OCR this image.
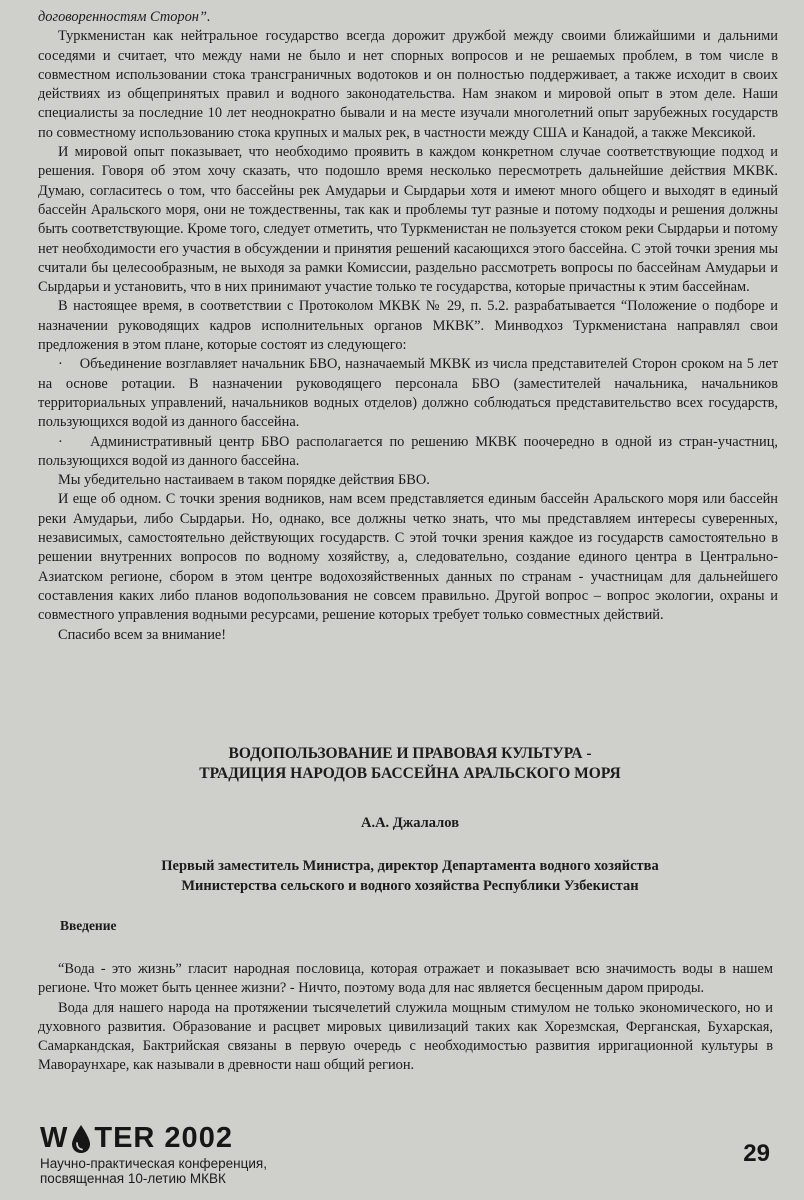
договоренностям Сторон”.

Туркменистан как нейтральное государство всегда дорожит дружбой между своими ближайшими и дальними соседями и считает, что между нами не было и нет спорных вопросов и не решаемых проблем, в том числе в совместном использовании стока трансграничных водотоков и он полностью поддерживает, а также исходит в своих действиях из общепринятых правил и водного законодательства. Нам знаком и мировой опыт в этом деле. Наши специалисты за последние 10 лет неоднократно бывали и на месте изучали многолетний опыт зарубежных государств по совместному использованию стока крупных и малых рек, в частности между США и Канадой, а также Мексикой.

И мировой опыт показывает, что необходимо проявить в каждом конкретном случае соответствующие подход и решения. Говоря об этом хочу сказать, что подошло время несколько пересмотреть дальнейшие действия МКВК. Думаю, согласитесь о том, что бассейны рек Амударьи и Сырдарьи хотя и имеют много общего и выходят в единый бассейн Аральского моря, они не тождественны, так как и проблемы тут разные и потому подходы и решения должны быть соответствующие. Кроме того, следует отметить, что Туркменистан не пользуется стоком реки Сырдарьи и потому нет необходимости его участия в обсуждении и принятия решений касающихся этого бассейна. С этой точки зрения мы считали бы целесообразным, не выходя за рамки Комиссии, раздельно рассмотреть вопросы по бассейнам Амударьи и Сырдарьи и установить, что в них принимают участие только те государства, которые причастны к этим бассейнам.

В настоящее время, в соответствии с Протоколом МКВК № 29, п. 5.2. разрабатывается “Положение о подборе и назначении руководящих кадров исполнительных органов МКВК”. Минводхоз Туркменистана направлял свои предложения в этом плане, которые состоят из следующего:

·    Объединение возглавляет начальник БВО, назначаемый МКВК из числа представителей Сторон сроком на 5 лет на основе ротации. В назначении руководящего персонала БВО (заместителей начальника, начальников территориальных управлений, начальников водных отделов) должно соблюдаться представительство всех государств, пользующихся водой из данного бассейна.

·    Административный центр БВО располагается по решению МКВК поочередно в одной из стран-участниц, пользующихся водой из данного бассейна.

Мы убедительно настаиваем в таком порядке действия БВО.

И еще об одном. С точки зрения водников, нам всем представляется единым бассейн Аральского моря или бассейн реки Амударьи, либо Сырдарьи. Но, однако, все должны четко знать, что мы представляем интересы суверенных, независимых, самостоятельно действующих государств. С этой точки зрения каждое из государств самостоятельно в решении внутренних вопросов по водному хозяйству, а, следовательно, создание единого центра в Центрально-Азиатском регионе, сбором в этом центре водохозяйственных данных по странам - участницам для дальнейшего составления каких либо планов водопользования не совсем правильно. Другой вопрос – вопрос экологии, охраны и совместного управления водными ресурсами, решение которых требует только совместных действий.

Спасибо всем за внимание!

ВОДОПОЛЬЗОВАНИЕ И ПРАВОВАЯ КУЛЬТУРА -
ТРАДИЦИЯ НАРОДОВ БАССЕЙНА АРАЛЬСКОГО МОРЯ
А.А. Джалалов
Первый заместитель Министра, директор Департамента водного хозяйства
Министерства сельского и водного хозяйства Республики Узбекистан
Введение

“Вода - это жизнь” гласит народная пословица, которая отражает и показывает всю значимость воды в нашем регионе. Что может быть ценнее жизни? - Ничто, поэтому вода для нас является бесценным даром природы.

Вода для нашего народа на протяжении тысячелетий служила мощным стимулом не только экономического, но и духовного развития. Образование и расцвет мировых цивилизаций таких как Хорезмская, Ферганская, Бухарская, Самаркандская, Бактрийская связаны в первую очередь с необходимостью развития ирригационной культуры в Мавораунхаре, как называли в древности наш общий регион.

W TER 2002
Научно-практическая конференция,
посвященная 10-летию МКВК
29
